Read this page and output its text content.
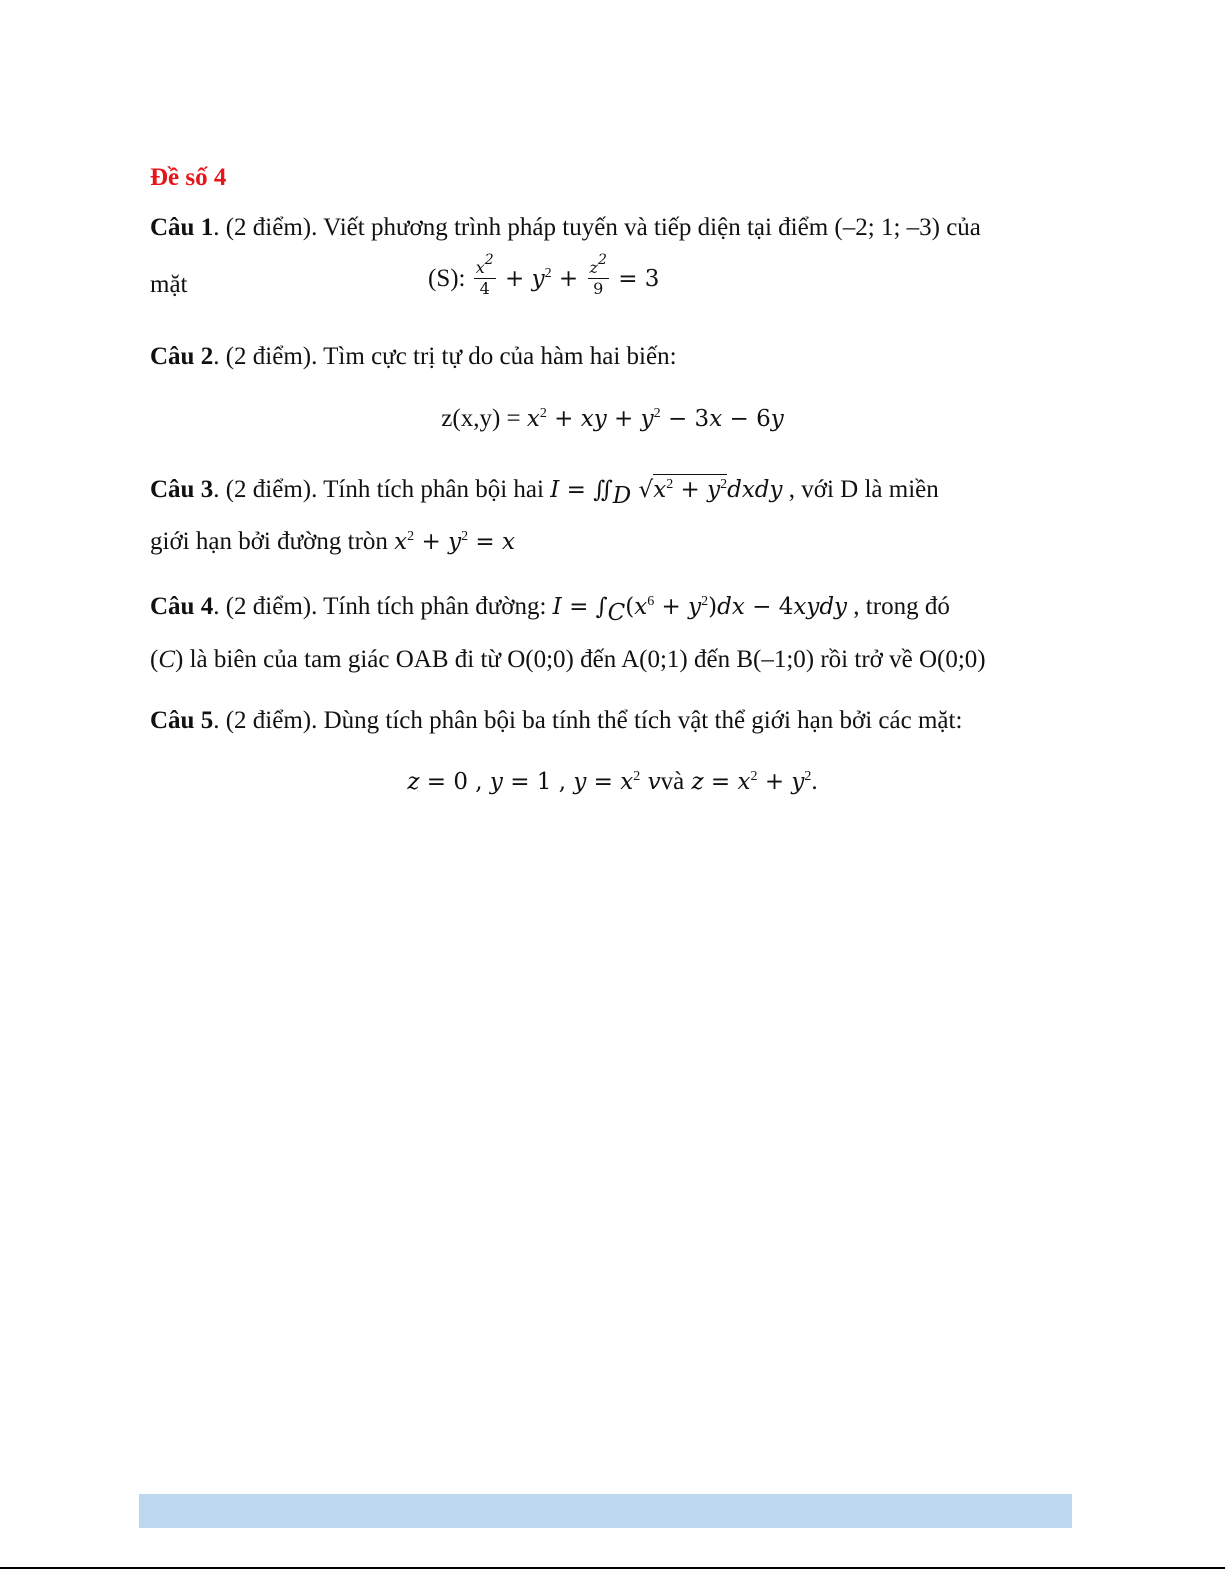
Đề số 4
Câu 1. (2 điểm). Viết phương trình pháp tuyến và tiếp diện tại điểm (–2; 1; –3) của
mặt	(S): $\frac{x^2}{4} + y^2 + \frac{z^2}{9} = 3$
Câu 2. (2 điểm). Tìm cực trị tự do của hàm hai biến:
$z(x,y) = x^2$ + xy + $y^2 - 3x - 6y$
Câu 3. (2 điểm). Tính tích phân bội hai $I = ∬_D$ $√x^2$ + $y^2dxdy$ , với D là miền
giới hạn bởi đường tròn $x^2 + y^2 = x$
Câu 4. (2 điểm). Tính tích phân đường: $I = \int_C(x^6 + y^2)dx$ − 4xydy , trong đó
(C) là biên của tam giác OAB đi từ O(0;0) đến A(0;1) đến B(–1;0) rồi trở về O(0;0)
Câu 5. (2 điểm). Dùng tích phân bội ba tính thể tích vật thể giới hạn bởi các mặt:
z = 0 , y = 1 , $y = x^2$ vvà $z = x^2 + y^2$.
